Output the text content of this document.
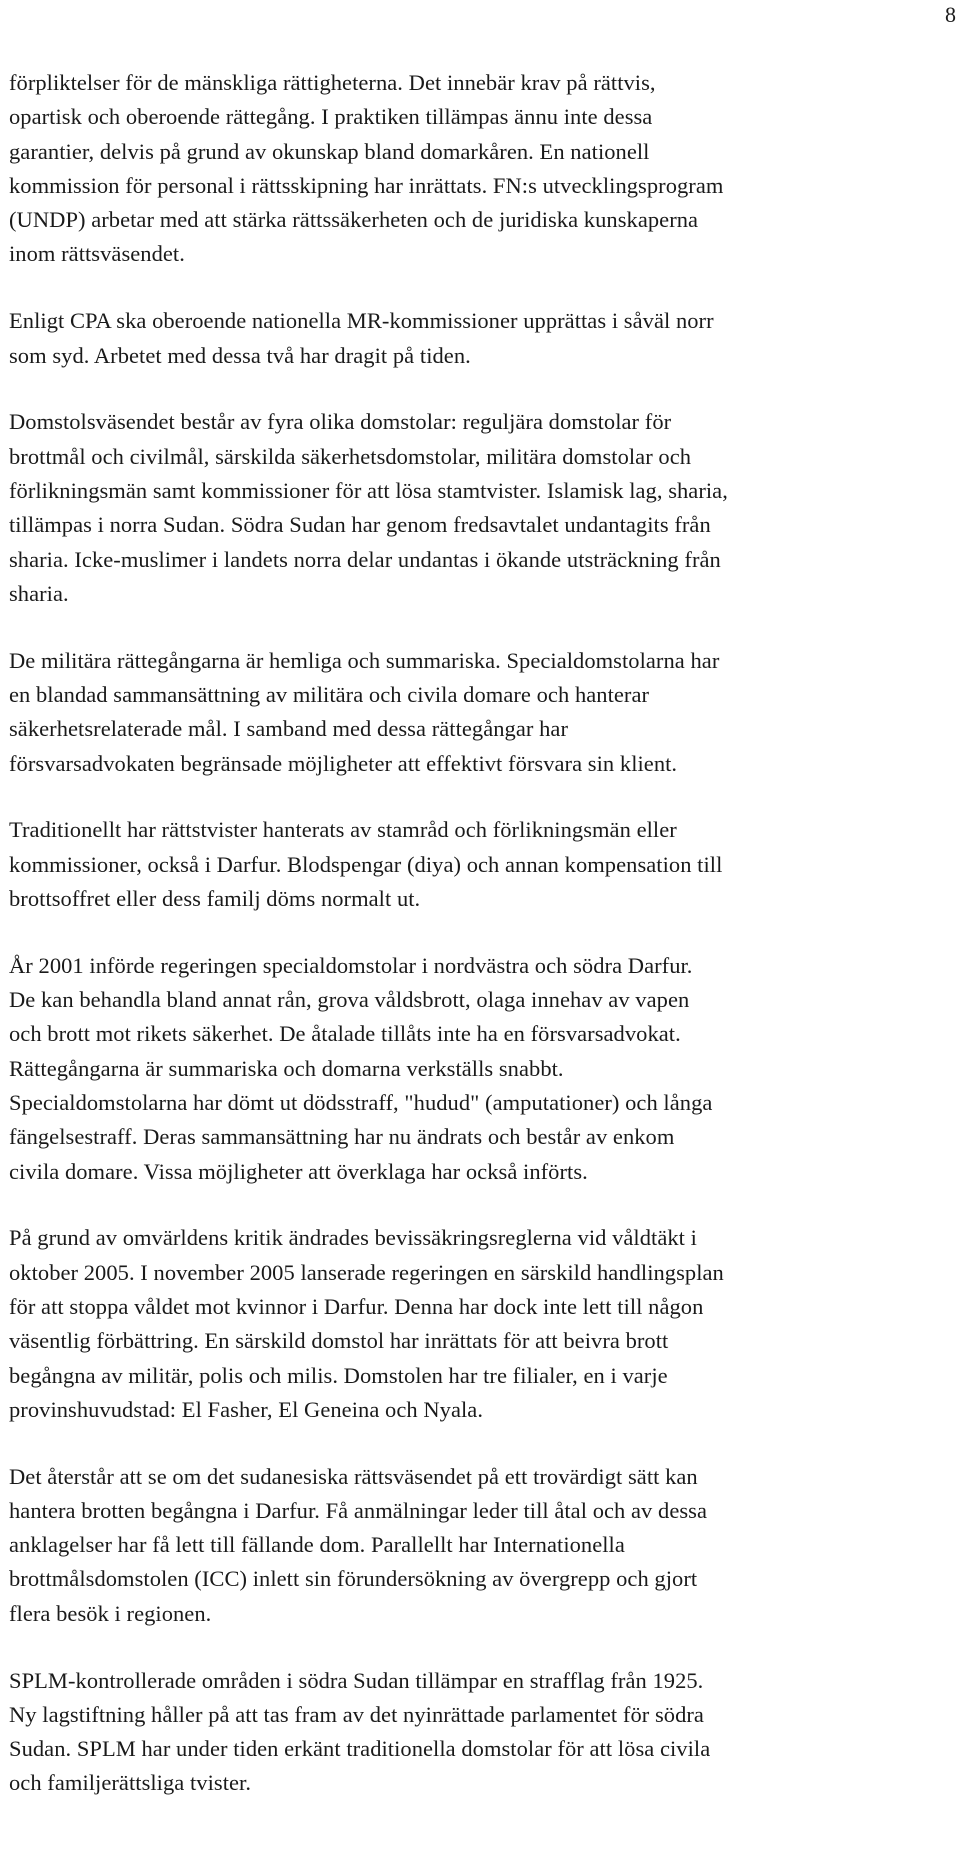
8

förpliktelser för de mänskliga rättigheterna. Det innebär krav på rättvis,
opartisk och oberoende rättegång. I praktiken tillämpas ännu inte dessa
garantier, delvis på grund av okunskap bland domarkåren. En nationell
kommission för personal i rättsskipning har inrättats. FN:s utvecklingsprogram
(UNDP) arbetar med att stärka rättssäkerheten och de juridiska kunskaperna
inom rättsväsendet.

Enligt CPA ska oberoende nationella MR-kommissioner upprättas i såväl norr
som syd. Arbetet med dessa två har dragit på tiden.

Domstolsväsendet består av fyra olika domstolar: reguljära domstolar för
brottmål och civilmål, särskilda säkerhetsdomstolar, militära domstolar och
förlikningsmän samt kommissioner för att lösa stamtvister. Islamisk lag, sharia,
tillämpas i norra Sudan. Södra Sudan har genom fredsavtalet undantagits från
sharia. Icke-muslimer i landets norra delar undantas i ökande utsträckning från
sharia.

De militära rättegångarna är hemliga och summariska. Specialdomstolarna har
en blandad sammansättning av militära och civila domare och hanterar
säkerhetsrelaterade mål. I samband med dessa rättegångar har
försvarsadvokaten begränsade möjligheter att effektivt försvara sin klient.

Traditionellt har rättstvister hanterats av stamråd och förlikningsmän eller
kommissioner, också i Darfur. Blodspengar (diya) och annan kompensation till
brottsoffret eller dess familj döms normalt ut.

År 2001 införde regeringen specialdomstolar i nordvästra och södra Darfur.
De kan behandla bland annat rån, grova våldsbrott, olaga innehav av vapen
och brott mot rikets säkerhet. De åtalade tillåts inte ha en försvarsadvokat.
Rättegångarna är summariska och domarna verkställs snabbt.
Specialdomstolarna har dömt ut dödsstraff, "hudud" (amputationer) och långa
fängelsestraff. Deras sammansättning har nu ändrats och består av enkom
civila domare. Vissa möjligheter att överklaga har också införts.

På grund av omvärldens kritik ändrades bevissäkringsreglerna vid våldtäkt i
oktober 2005. I november 2005 lanserade regeringen en särskild handlingsplan
för att stoppa våldet mot kvinnor i Darfur. Denna har dock inte lett till någon
väsentlig förbättring. En särskild domstol har inrättats för att beivra brott
begångna av militär, polis och milis. Domstolen har tre filialer, en i varje
provinshuvudstad: El Fasher, El Geneina och Nyala.

Det återstår att se om det sudanesiska rättsväsendet på ett trovärdigt sätt kan
hantera brotten begångna i Darfur. Få anmälningar leder till åtal och av dessa
anklagelser har få lett till fällande dom. Parallellt har Internationella
brottmålsdomstolen (ICC) inlett sin förundersökning av övergrepp och gjort
flera besök i regionen.

SPLM-kontrollerade områden i södra Sudan tillämpar en strafflag från 1925.
Ny lagstiftning håller på att tas fram av det nyinrättade parlamentet för södra
Sudan. SPLM har under tiden erkänt traditionella domstolar för att lösa civila
och familjerättsliga tvister.
